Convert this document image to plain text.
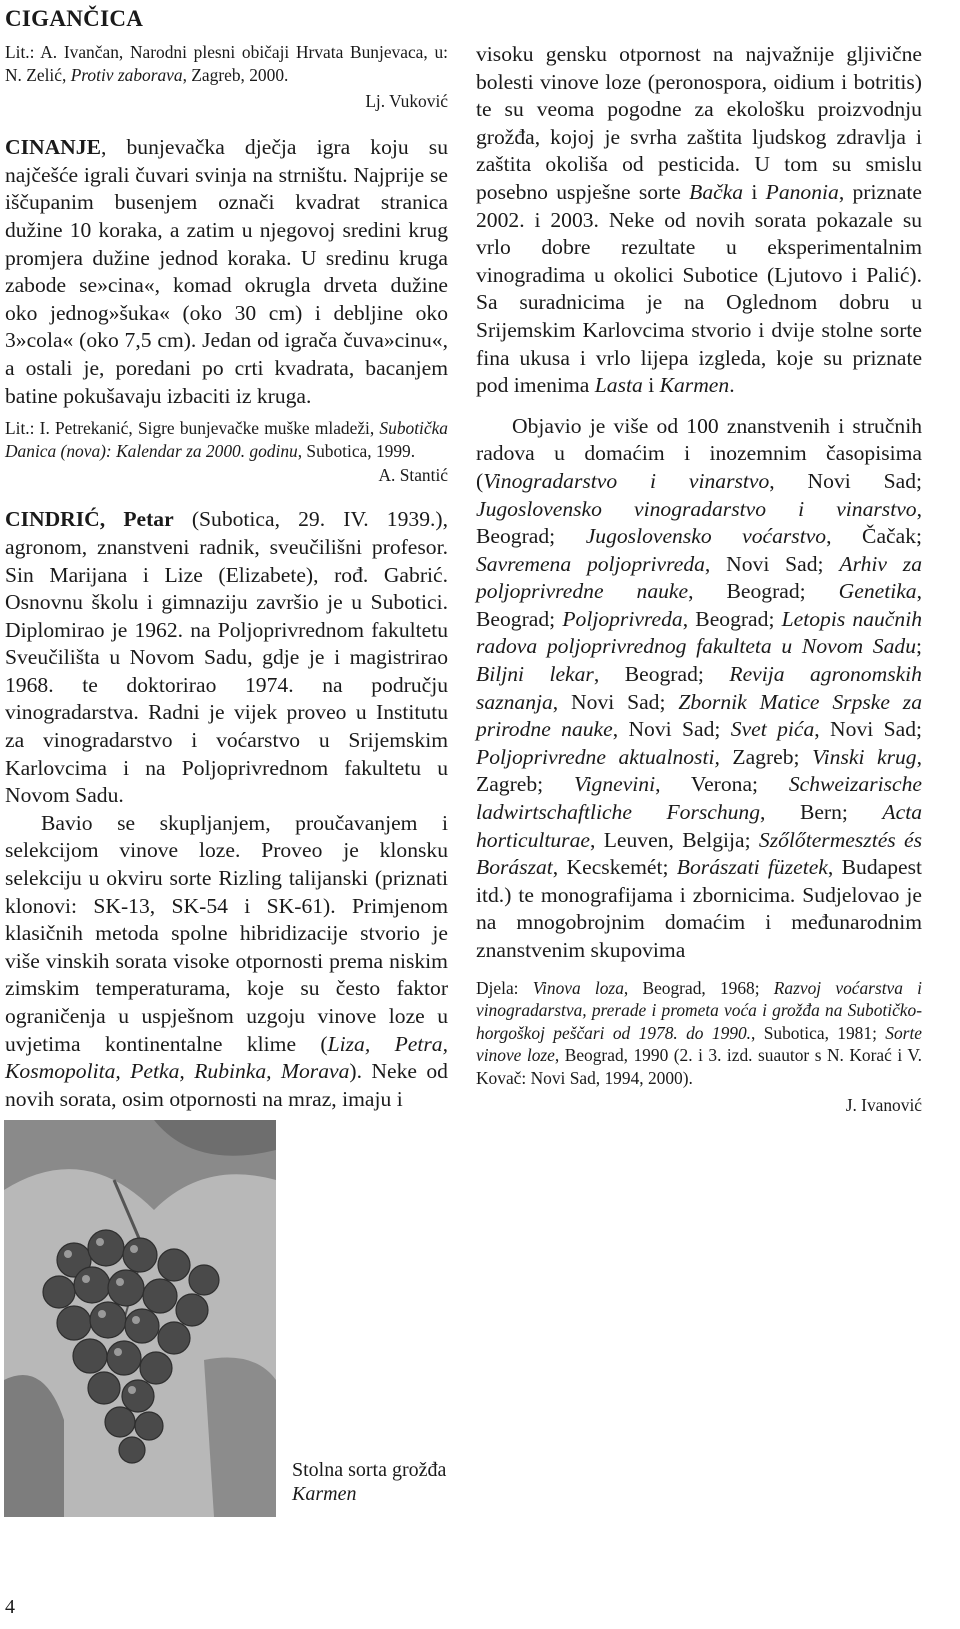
CIGANČICA

Lit.: A. Ivančan, Narodni plesni običaji Hrvata Bunjevaca, u: N. Zelić, Protiv zaborava, Zagreb, 2000.

Lj. Vuković

CINANJE, bunjevačka dječja igra koju su najčešće igrali čuvari svinja na strništu. Najprije se iščupanim busenjem označi kvadrat stranica dužine 10 koraka, a zatim u njegovoj sredini krug promjera dužine jednod koraka. U sredinu kruga zabode se»cina«, komad okrugla drveta dužine oko jednog»šuka« (oko 30 cm) i debljine oko 3»cola« (oko 7,5 cm). Jedan od igrača čuva»cinu«, a ostali je, poredani po crti kvadrata, bacanjem batine pokušavaju izbaciti iz kruga.

Lit.: I. Petrekanić, Sigre bunjevačke muške mladeži, Subotička Danica (nova): Kalendar za 2000. godinu, Subotica, 1999.

A. Stantić

CINDRIĆ, Petar (Subotica, 29. IV. 1939.), agronom, znanstveni radnik, sveučilišni profesor. Sin Marijana i Lize (Elizabete), rođ. Gabrić. Osnovnu školu i gimnaziju završio je u Subotici. Diplomirao je 1962. na Poljoprivrednom fakultetu Sveučilišta u Novom Sadu, gdje je i magistrirao 1968. te doktorirao 1974. na području vinogradarstva. Radni je vijek proveo u Institutu za vinogradarstvo i voćarstvo u Srijemskim Karlovcima i na Poljoprivrednom fakultetu u Novom Sadu.

Bavio se skupljanjem, proučavanjem i selekcijom vinove loze. Proveo je klonsku selekciju u okviru sorte Rizling talijanski (priznati klonovi: SK-13, SK-54 i SK-61). Primjenom klasičnih metoda spolne hibridizacije stvorio je više vinskih sorata visoke otpornosti prema niskim zimskim temperaturama, koje su često faktor ograničenja u uspješnom uzgoju vinove loze u uvjetima kontinentalne klime (Liza, Petra, Kosmopolita, Petka, Rubinka, Morava). Neke od novih sorata, osim otpornosti na mraz, imaju i

Stolna sorta grožđa Karmen

visoku gensku otpornost na najvažnije gljivične bolesti vinove loze (peronospora, oidium i botritis) te su veoma pogodne za ekološku proizvodnju grožđa, kojoj je svrha zaštita ljudskog zdravlja i zaštita okoliša od pesticida. U tom su smislu posebno uspješne sorte Bačka i Panonia, priznate 2002. i 2003. Neke od novih sorata pokazale su vrlo dobre rezultate u eksperimentalnim vinogradima u okolici Subotice (Ljutovo i Palić). Sa suradnicima je na Oglednom dobru u Srijemskim Karlovcima stvorio i dvije stolne sorte fina ukusa i vrlo lijepa izgleda, koje su priznate pod imenima Lasta i Karmen.

Objavio je više od 100 znanstvenih i stručnih radova u domaćim i inozemnim časopisima (Vinogradarstvo i vinarstvo, Novi Sad; Jugoslovensko vinogradarstvo i vinarstvo, Beograd; Jugoslovensko voćarstvo, Čačak; Savremena poljoprivreda, Novi Sad; Arhiv za poljoprivredne nauke, Beograd; Genetika, Beograd; Poljoprivreda, Beograd; Letopis naučnih radova poljoprivrednog fakulteta u Novom Sadu; Biljni lekar, Beograd; Revija agronomskih saznanja, Novi Sad; Zbornik Matice Srpske za prirodne nauke, Novi Sad; Svet pića, Novi Sad; Poljoprivredne aktualnosti, Zagreb; Vinski krug, Zagreb; Vignevini, Verona; Schweizarische ladwirtschaftliche Forschung, Bern; Acta horticulturae, Leuven, Belgija; Szőlőtermesztés és Borászat, Kecskemét; Borászati füzetek, Budapest itd.) te monografijama i zbornicima. Sudjelovao je na mnogobrojnim domaćim i međunarodnim znanstvenim skupovima

Djela: Vinova loza, Beograd, 1968; Razvoj voćarstva i vinogradarstva, prerade i prometa voća i grožđa na Subotičko-horgoškoj peščari od 1978. do 1990., Subotica, 1981; Sorte vinove loze, Beograd, 1990 (2. i 3. izd. suautor s N. Korać i V. Kovač: Novi Sad, 1994, 2000).

J. Ivanović

4
